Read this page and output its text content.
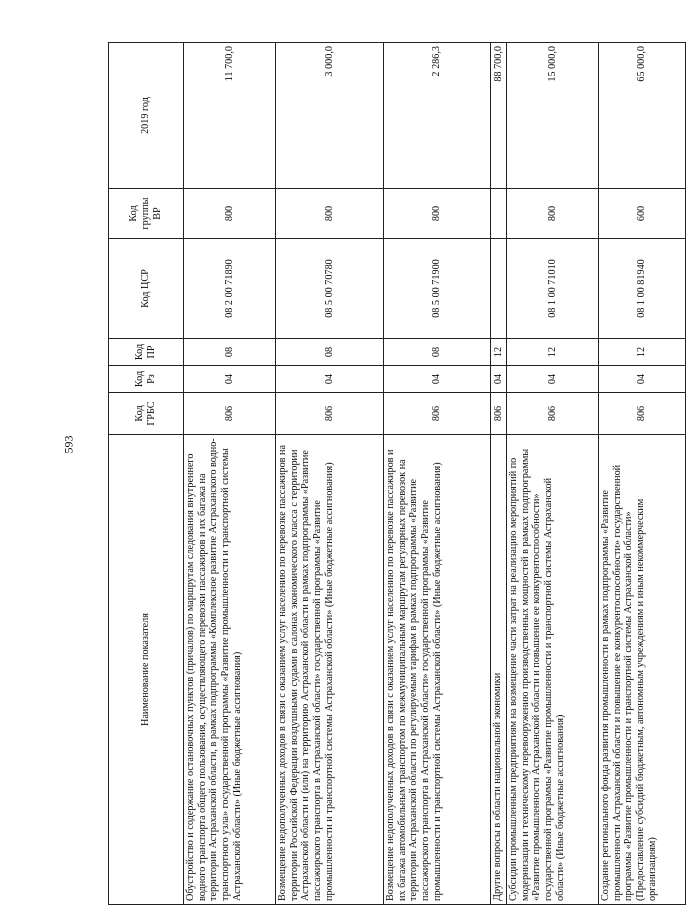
593
Наименование показателя	Код ГРБС	Код Рз	Код ПР	Код ЦСР	Код группы ВР	2019 год
Обустройство и содержание остановочных пунктов (причалов) по маршрутам следования внутреннего водного транспорта общего пользования, осуществляющего перевозки пассажиров и их багажа на территории Астраханской области, в рамках подпрограммы «Комплексное развитие Астраханского водно-транспортного узла» государственной программы «Развитие промышленности и транспортной системы Астраханской области» (Иные бюджетные ассигнования)	806	04	08	08 2 00 71890	800	11 700,0
Возмещение недополученных доходов в связи с оказанием услуг населению по перевозке пассажиров на территории Российской Федерации воздушными судами в салонах экономического класса с территории Астраханской области и (или) на территорию Астраханской области в рамках подпрограммы «Развитие пассажирского транспорта в Астраханской области» государственной программы «Развитие промышленности и транспортной системы Астраханской области» (Иные бюджетные ассигнования)	806	04	08	08 5 00 70780	800	3 000,0
Возмещение недополученных доходов в связи с оказанием услуг населению по перевозке пассажиров и их багажа автомобильным транспортом по межмуниципальным маршрутам регулярных перевозок на территории Астраханской области по регулируемым тарифам в рамках подпрограммы «Развитие пассажирского транспорта в Астраханской области» государственной программы «Развитие промышленности и транспортной системы Астраханской области» (Иные бюджетные ассигнования)	806	04	08	08 5 00 71900	800	2 286,3
Другие вопросы в области национальной экономики	806	04	12			88 700,0
Субсидии промышленным предприятиям на возмещение части затрат на реализацию мероприятий по модернизации и техническому перевооружению производственных мощностей в рамках подпрограммы «Развитие промышленности Астраханской области и повышение ее конкурентоспособности» государственной программы «Развитие промышленности и транспортной системы Астраханской области» (Иные бюджетные ассигнования)	806	04	12	08 1 00 71010	800	15 000,0
Создание регионального фонда развития промышленности в рамках подпрограммы «Развитие промышленности Астраханской области и повышение ее конкурентоспособности» государственной программы «Развитие промышленности и транспортной системы Астраханской области» (Предоставление субсидий бюджетным, автономным учреждениям и иным некоммерческим организациям)	806	04	12	08 1 00 81940	600	65 000,0
